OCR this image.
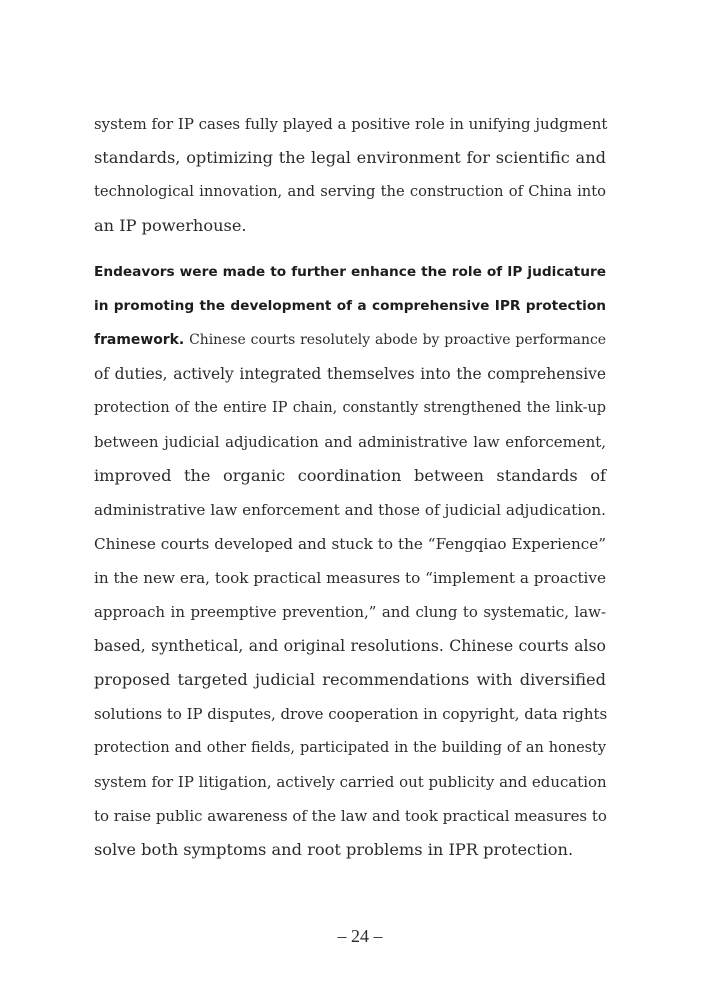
system for IP cases fully played a positive role in unifying judgment
standards, optimizing the legal environment for scientific and
technological innovation, and serving the construction of China into
an IP powerhouse.
Endeavors were made to further enhance the role of IP judicature
in promoting the development of a comprehensive IPR protection
framework. Chinese courts resolutely abode by proactive performance
of duties, actively integrated themselves into the comprehensive
protection of the entire IP chain, constantly strengthened the link-up
between judicial adjudication and administrative law enforcement,
improved the organic coordination between standards of
administrative law enforcement and those of judicial adjudication.
Chinese courts developed and stuck to the “Fengqiao Experience”
in the new era, took practical measures to “implement a proactive
approach in preemptive prevention,” and clung to systematic, law-
based, synthetical, and original resolutions. Chinese courts also
proposed targeted judicial recommendations with diversified
solutions to IP disputes, drove cooperation in copyright, data rights
protection and other fields, participated in the building of an honesty
system for IP litigation, actively carried out publicity and education
to raise public awareness of the law and took practical measures to
solve both symptoms and root problems in IPR protection.
– 24 –
